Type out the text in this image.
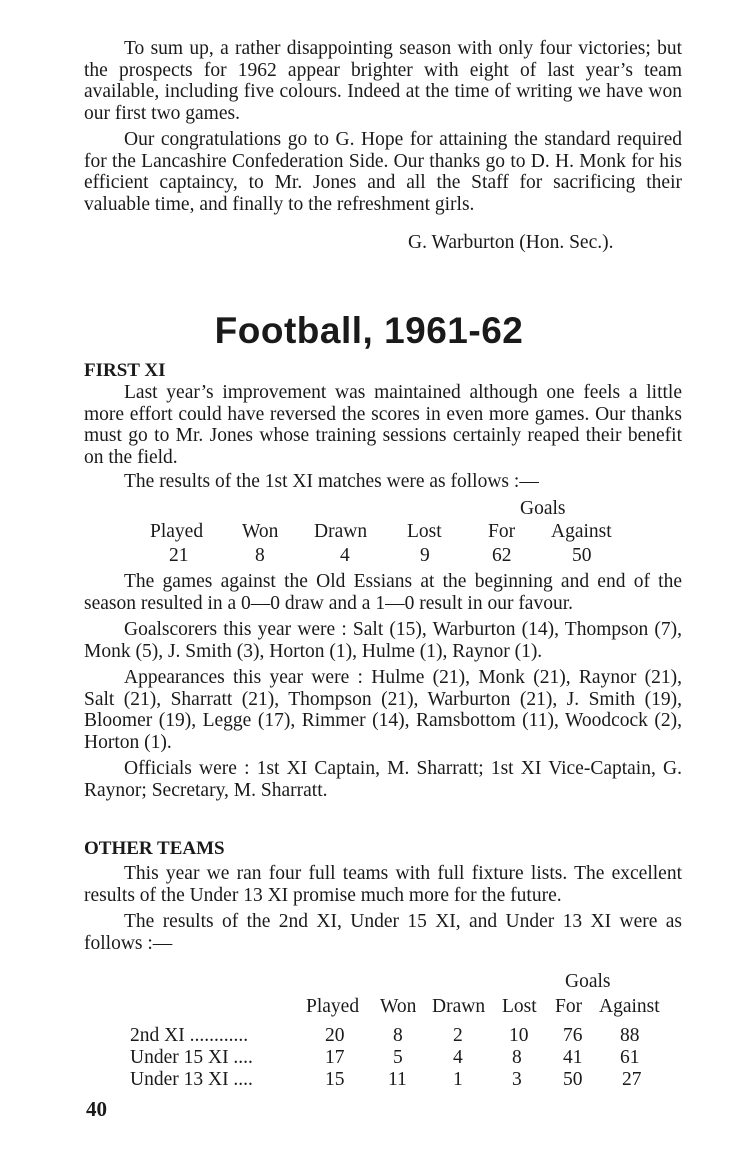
To sum up, a rather disappointing season with only four victories; but the prospects for 1962 appear brighter with eight of last year’s team available, including five colours. Indeed at the time of writing we have won our first two games.

Our congratulations go to G. Hope for attaining the standard required for the Lancashire Confederation Side. Our thanks go to D. H. Monk for his efficient captaincy, to Mr. Jones and all the Staff for sacrificing their valuable time, and finally to the refreshment girls.

G. Warburton (Hon. Sec.).
Football, 1961-62
FIRST XI

Last year’s improvement was maintained although one feels a little more effort could have reversed the scores in even more games. Our thanks must go to Mr. Jones whose training sessions certainly reaped their benefit on the field.

The results of the 1st XI matches were as follows :—

Goals
Played Won Drawn Lost For Against
21	8	4	9	62	50

The games against the Old Essians at the beginning and end of the season resulted in a 0—0 draw and a 1—0 result in our favour.

Goalscorers this year were : Salt (15), Warburton (14), Thompson (7), Monk (5), J. Smith (3), Horton (1), Hulme (1), Raynor (1).

Appearances this year were : Hulme (21), Monk (21), Raynor (21), Salt (21), Sharratt (21), Thompson (21), Warburton (21), J. Smith (19), Bloomer (19), Legge (17), Rimmer (14), Ramsbottom (11), Woodcock (2), Horton (1).

Officials were : 1st XI Captain, M. Sharratt; 1st XI Vice-Captain, G. Raynor; Secretary, M. Sharratt.

OTHER TEAMS

This year we ran four full teams with full fixture lists. The excellent results of the Under 13 XI promise much more for the future.

The results of the 2nd XI, Under 15 XI, and Under 13 XI were as follows :—

Goals
Played Won Drawn Lost For Against
2nd XI ............	20 8	2 10 76 88
Under 15 XI ....	17 5	4	8 41 61
Under 13 XI ....	15 11 1	3 50 27
40
